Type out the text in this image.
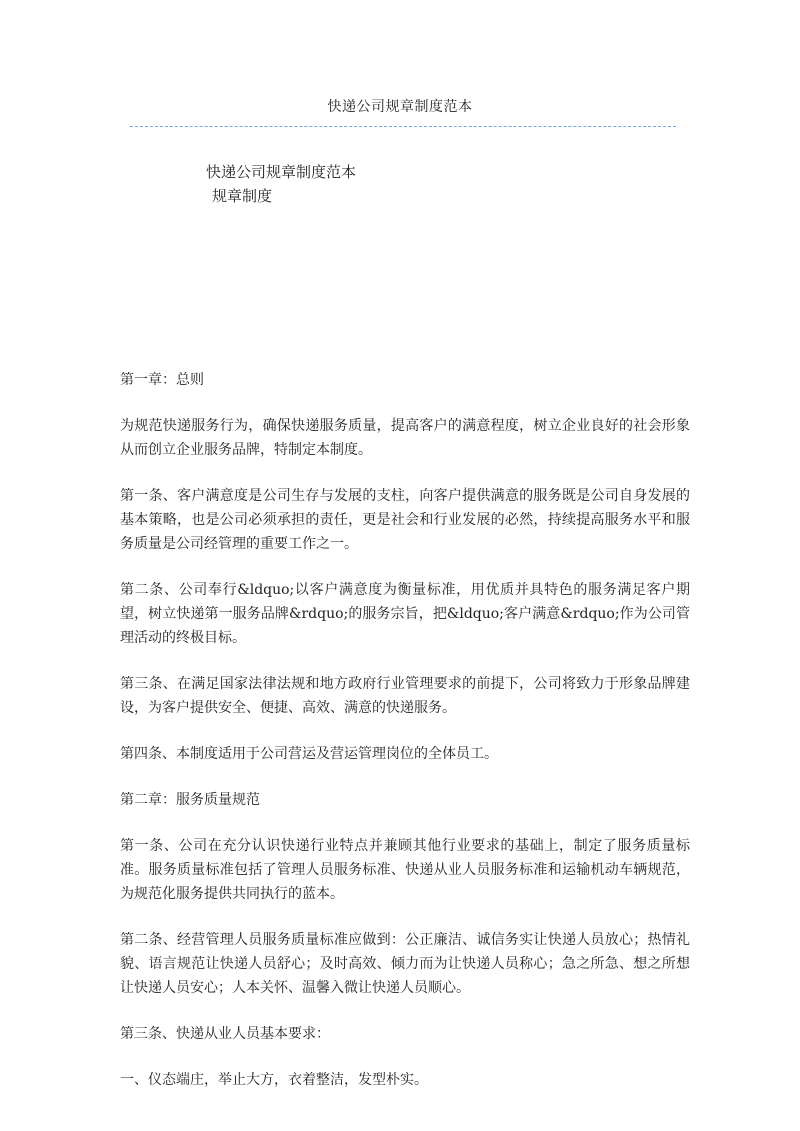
快递公司规章制度范本
快递公司规章制度范本
规章制度

第一章：总则

为规范快递服务行为，确保快递服务质量，提高客户的满意程度，树立企业良好的社会形象从而创立企业服务品牌，特制定本制度。

第一条、客户满意度是公司生存与发展的支柱，向客户提供满意的服务既是公司自身发展的基本策略，也是公司必须承担的责任，更是社会和行业发展的必然，持续提高服务水平和服务质量是公司经管理的重要工作之一。

第二条、公司奉行&ldquo;以客户满意度为衡量标准，用优质并具特色的服务满足客户期望，树立快递第一服务品牌&rdquo;的服务宗旨，把&ldquo;客户满意&rdquo;作为公司管理活动的终极目标。

第三条、在满足国家法律法规和地方政府行业管理要求的前提下，公司将致力于形象品牌建设，为客户提供安全、便捷、高效、满意的快递服务。

第四条、本制度适用于公司营运及营运管理岗位的全体员工。

第二章：服务质量规范

第一条、公司在充分认识快递行业特点并兼顾其他行业要求的基础上，制定了服务质量标准。服务质量标准包括了管理人员服务标准、快递从业人员服务标准和运输机动车辆规范，为规范化服务提供共同执行的蓝本。

第二条、经营管理人员服务质量标准应做到：公正廉洁、诚信务实让快递人员放心；热情礼貌、语言规范让快递人员舒心；及时高效、倾力而为让快递人员称心；急之所急、想之所想让快递人员安心；人本关怀、温馨入微让快递人员顺心。

第三条、快递从业人员基本要求：

一、仪态端庄，举止大方，衣着整洁，发型朴实。
